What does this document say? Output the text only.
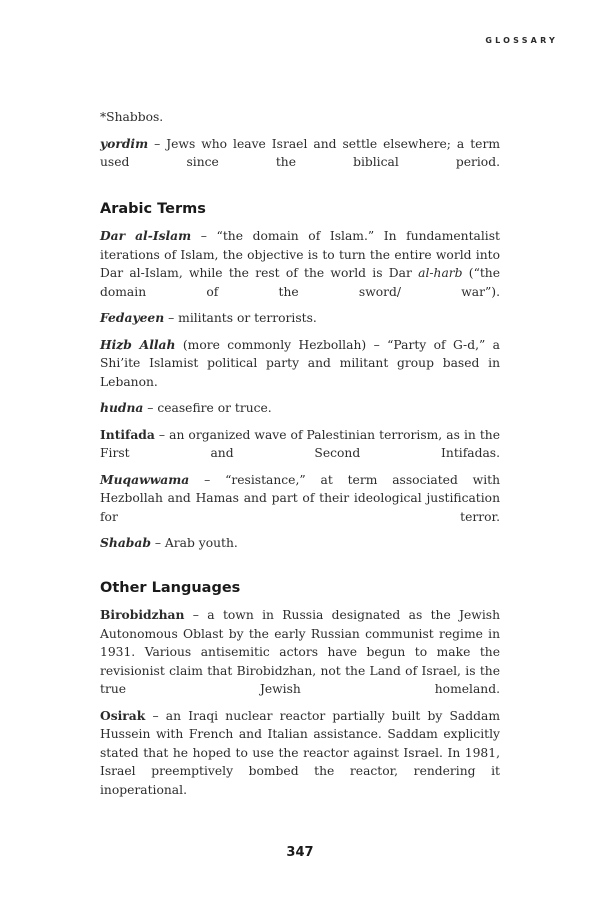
GLOSSARY

*Shabbos.

yordim – Jews who leave Israel and settle elsewhere; a term used since the biblical period.

Arabic Terms

Dar al-Islam – “the domain of Islam.” In fundamentalist iterations of Islam, the objective is to turn the entire world into Dar al-Islam, while the rest of the world is Dar al-harb (“the domain of the sword/ war”).

Fedayeen – militants or terrorists.

Hizb Allah (more commonly Hezbollah) – “Party of G-d,” a Shi’ite Islamist political party and militant group based in Lebanon.

hudna – ceasefire or truce.

Intifada – an organized wave of Palestinian terrorism, as in the First and Second Intifadas.

Muqawwama – “resistance,” at term associated with Hezbollah and Hamas and part of their ideological justification for terror.

Shabab – Arab youth.

Other Languages

Birobidzhan – a town in Russia designated as the Jewish Autonomous Oblast by the early Russian communist regime in 1931. Various antisemitic actors have begun to make the revisionist claim that Birobidzhan, not the Land of Israel, is the true Jewish homeland.

Osirak – an Iraqi nuclear reactor partially built by Saddam Hussein with French and Italian assistance. Saddam explicitly stated that he hoped to use the reactor against Israel. In 1981, Israel preemptively bombed the reactor, rendering it inoperational.

347
